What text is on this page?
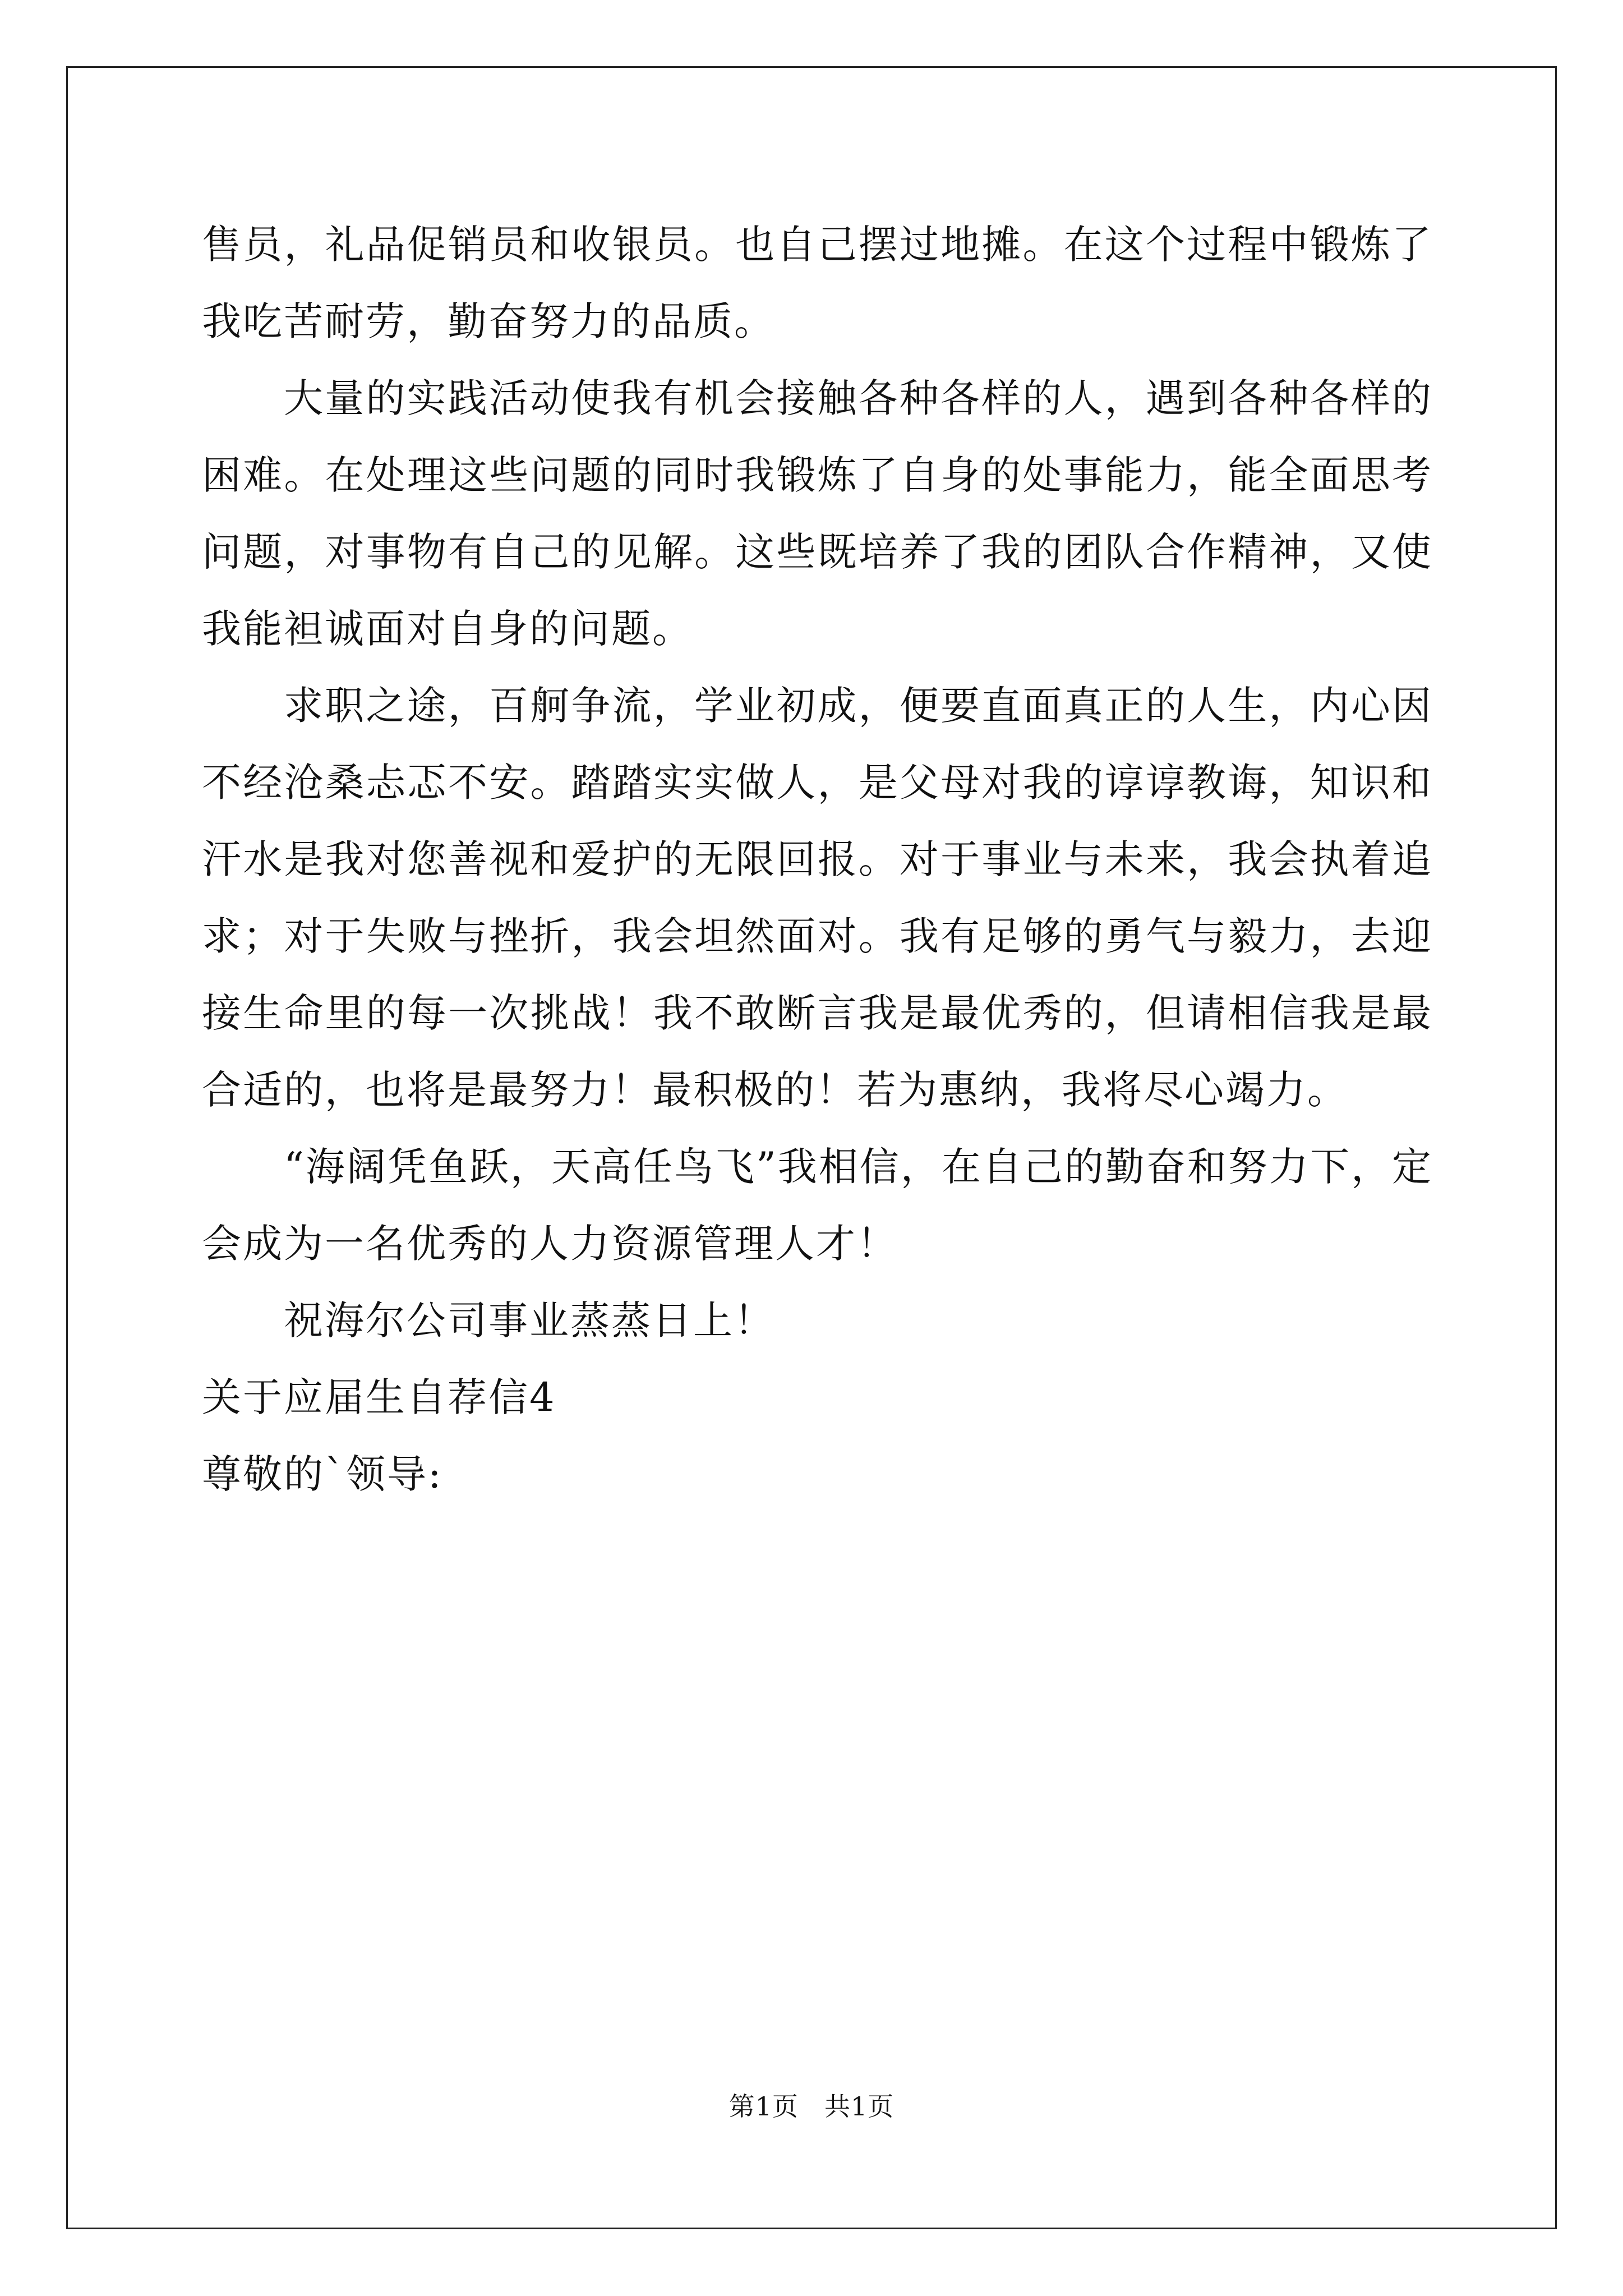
售员，礼品促销员和收银员。也自己摆过地摊。在这个过程中锻炼了我吃苦耐劳，勤奋努力的品质。

大量的实践活动使我有机会接触各种各样的人，遇到各种各样的困难。在处理这些问题的同时我锻炼了自身的处事能力，能全面思考问题，对事物有自己的见解。这些既培养了我的团队合作精神，又使我能袒诚面对自身的问题。

求职之途，百舸争流，学业初成，便要直面真正的人生，内心因不经沧桑忐忑不安。踏踏实实做人，是父母对我的谆谆教诲，知识和汗水是我对您善视和爱护的无限回报。对于事业与未来，我会执着追求；对于失败与挫折，我会坦然面对。我有足够的勇气与毅力，去迎接生命里的每一次挑战！我不敢断言我是最优秀的，但请相信我是最合适的，也将是最努力！最积极的！若为惠纳，我将尽心竭力。

“海阔凭鱼跃，天高任鸟飞”我相信，在自己的勤奋和努力下，定会成为一名优秀的人力资源管理人才！

祝海尔公司事业蒸蒸日上！

关于应届生自荐信4

尊敬的`领导:

第1页 共1页
